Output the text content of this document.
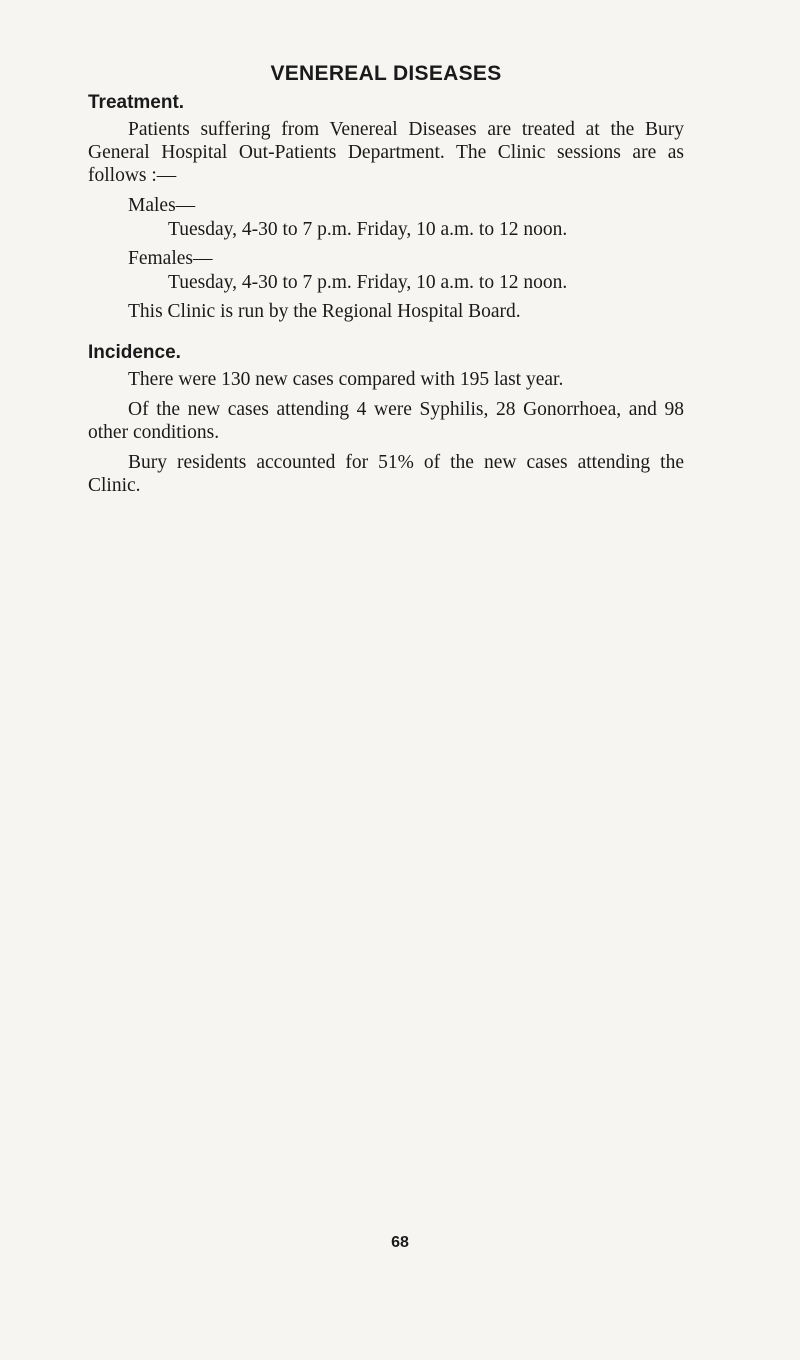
VENEREAL DISEASES
Treatment.

Patients suffering from Venereal Diseases are treated at the Bury General Hospital Out-Patients Department. The Clinic sessions are as follows :—

Males—

Tuesday, 4-30 to 7 p.m. Friday, 10 a.m. to 12 noon.

Females—

Tuesday, 4-30 to 7 p.m. Friday, 10 a.m. to 12 noon.

This Clinic is run by the Regional Hospital Board.

Incidence.

There were 130 new cases compared with 195 last year.

Of the new cases attending 4 were Syphilis, 28 Gonorrhoea, and 98 other conditions.

Bury residents accounted for 51% of the new cases attending the Clinic.

68
